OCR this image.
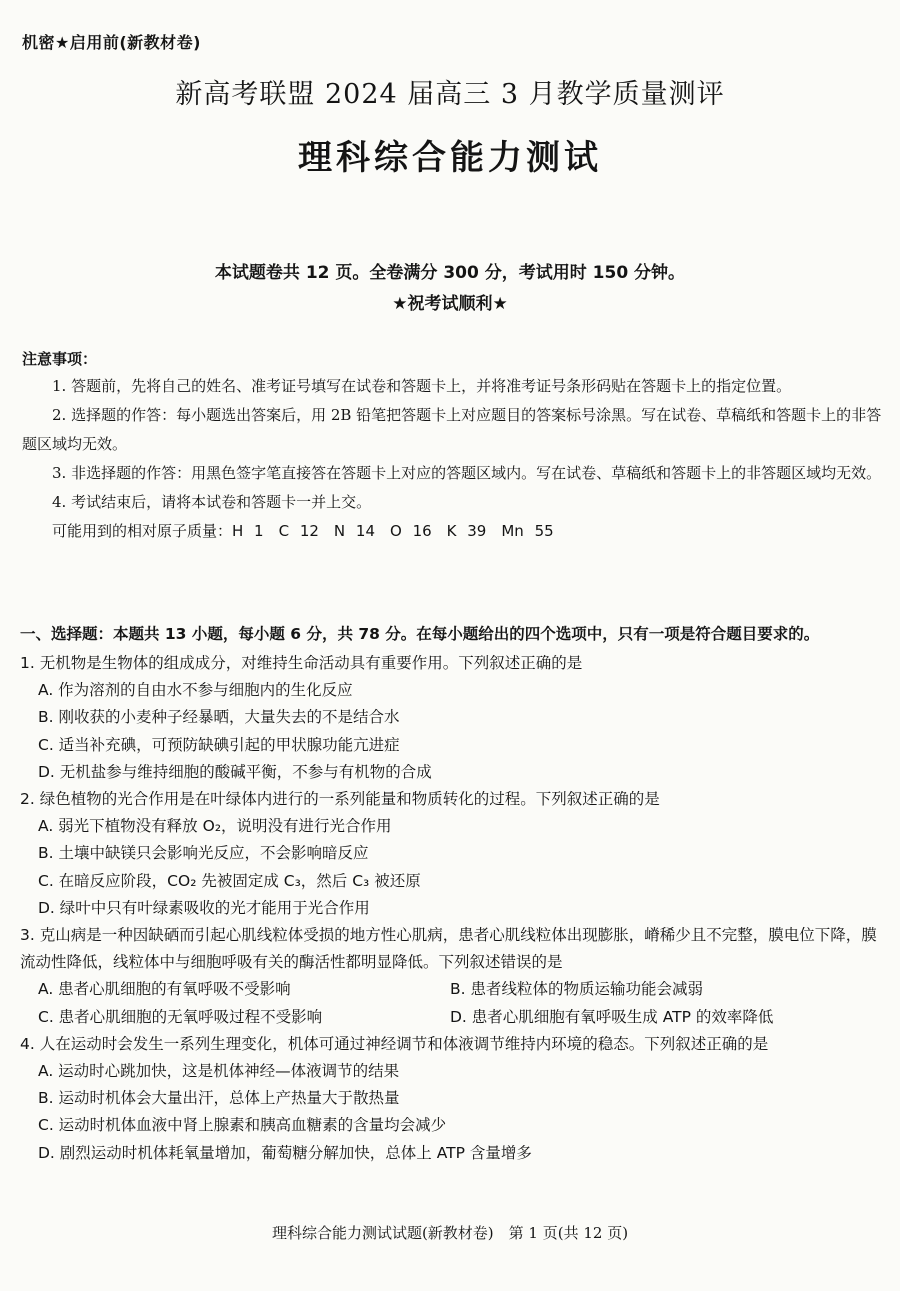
机密★启用前(新教材卷)
新高考联盟 2024 届高三 3 月教学质量测评
理科综合能力测试
本试题卷共 12 页。全卷满分 300 分，考试用时 150 分钟。
★祝考试顺利★
注意事项：

1. 答题前，先将自己的姓名、准考证号填写在试卷和答题卡上，并将准考证号条形码贴在答题卡上的指定位置。

2. 选择题的作答：每小题选出答案后，用 2B 铅笔把答题卡上对应题目的答案标号涂黑。写在试卷、草稿纸和答题卡上的非答题区域均无效。

3. 非选择题的作答：用黑色签字笔直接答在答题卡上对应的答题区域内。写在试卷、草稿纸和答题卡上的非答题区域均无效。

4. 考试结束后，请将本试卷和答题卡一并上交。

可能用到的相对原子质量：H 1　C 12　N 14　O 16　K 39　Mn 55

一、选择题：本题共 13 小题，每小题 6 分，共 78 分。在每小题给出的四个选项中，只有一项是符合题目要求的。

1. 无机物是生物体的组成成分，对维持生命活动具有重要作用。下列叙述正确的是

A. 作为溶剂的自由水不参与细胞内的生化反应

B. 刚收获的小麦种子经暴晒，大量失去的不是结合水

C. 适当补充碘，可预防缺碘引起的甲状腺功能亢进症

D. 无机盐参与维持细胞的酸碱平衡，不参与有机物的合成

2. 绿色植物的光合作用是在叶绿体内进行的一系列能量和物质转化的过程。下列叙述正确的是

A. 弱光下植物没有释放 O₂，说明没有进行光合作用

B. 土壤中缺镁只会影响光反应，不会影响暗反应

C. 在暗反应阶段，CO₂ 先被固定成 C₃，然后 C₃ 被还原

D. 绿叶中只有叶绿素吸收的光才能用于光合作用

3. 克山病是一种因缺硒而引起心肌线粒体受损的地方性心肌病，患者心肌线粒体出现膨胀，嵴稀少且不完整，膜电位下降，膜流动性降低，线粒体中与细胞呼吸有关的酶活性都明显降低。下列叙述错误的是

A. 患者心肌细胞的有氧呼吸不受影响	B. 患者线粒体的物质运输功能会减弱
C. 患者心肌细胞的无氧呼吸过程不受影响	D. 患者心肌细胞有氧呼吸生成 ATP 的效率降低

4. 人在运动时会发生一系列生理变化，机体可通过神经调节和体液调节维持内环境的稳态。下列叙述正确的是

A. 运动时心跳加快，这是机体神经—体液调节的结果

B. 运动时机体会大量出汗，总体上产热量大于散热量

C. 运动时机体血液中肾上腺素和胰高血糖素的含量均会减少

D. 剧烈运动时机体耗氧量增加，葡萄糖分解加快，总体上 ATP 含量增多

理科综合能力测试试题(新教材卷)　第 1 页(共 12 页)
